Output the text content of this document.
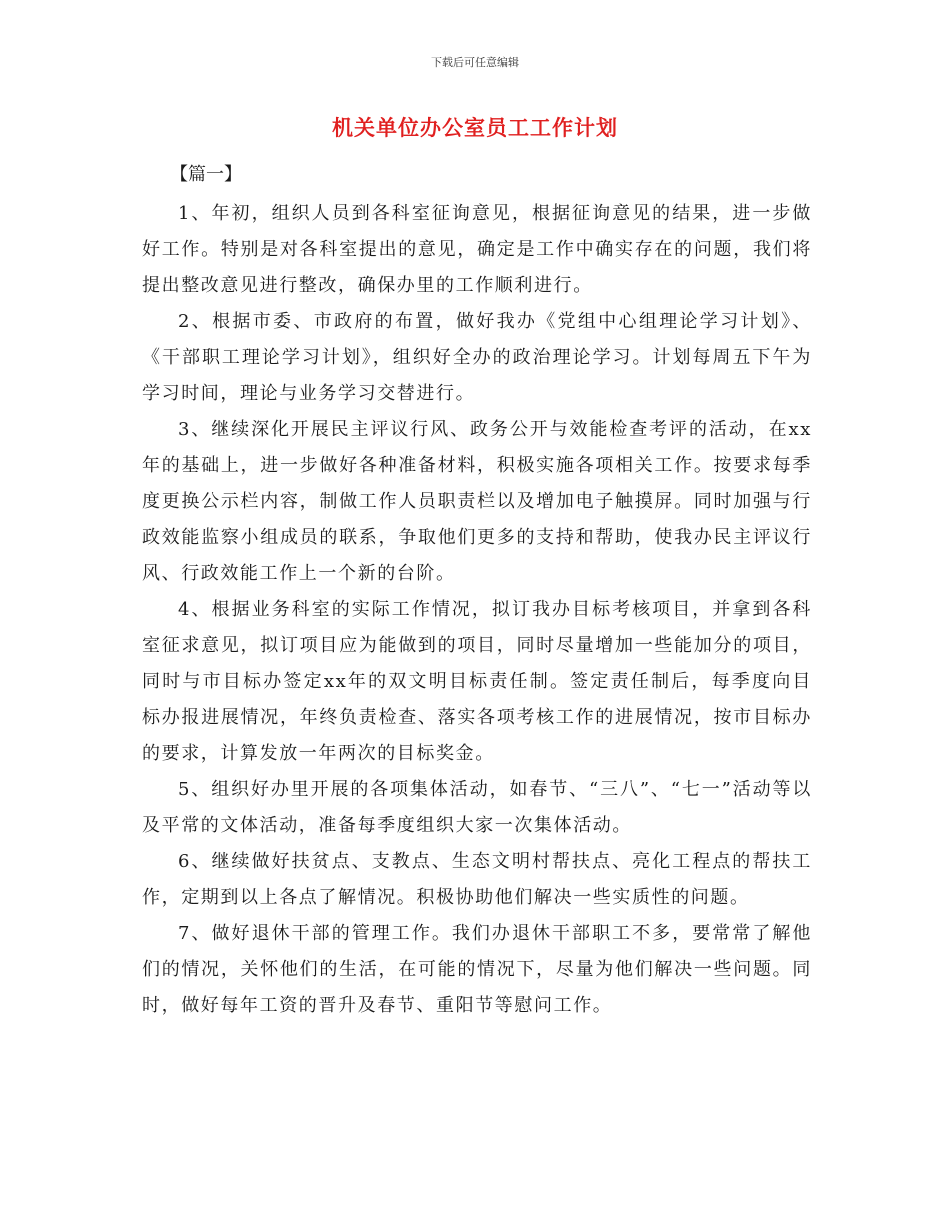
下载后可任意编辑
机关单位办公室员工工作计划
【篇一】

1、年初，组织人员到各科室征询意见，根据征询意见的结果，进一步做好工作。特别是对各科室提出的意见，确定是工作中确实存在的问题，我们将提出整改意见进行整改，确保办里的工作顺利进行。

2、根据市委、市政府的布置，做好我办《党组中心组理论学习计划》、《干部职工理论学习计划》，组织好全办的政治理论学习。计划每周五下午为学习时间，理论与业务学习交替进行。

3、继续深化开展民主评议行风、政务公开与效能检查考评的活动，在xx年的基础上，进一步做好各种准备材料，积极实施各项相关工作。按要求每季度更换公示栏内容，制做工作人员职责栏以及增加电子触摸屏。同时加强与行政效能监察小组成员的联系，争取他们更多的支持和帮助，使我办民主评议行风、行政效能工作上一个新的台阶。

4、根据业务科室的实际工作情况，拟订我办目标考核项目，并拿到各科室征求意见，拟订项目应为能做到的项目，同时尽量增加一些能加分的项目，同时与市目标办签定xx年的双文明目标责任制。签定责任制后，每季度向目标办报进展情况，年终负责检查、落实各项考核工作的进展情况，按市目标办的要求，计算发放一年两次的目标奖金。

5、组织好办里开展的各项集体活动，如春节、“三八”、“七一”活动等以及平常的文体活动，准备每季度组织大家一次集体活动。

6、继续做好扶贫点、支教点、生态文明村帮扶点、亮化工程点的帮扶工作，定期到以上各点了解情况。积极协助他们解决一些实质性的问题。

7、做好退休干部的管理工作。我们办退休干部职工不多，要常常了解他们的情况，关怀他们的生活，在可能的情况下，尽量为他们解决一些问题。同时，做好每年工资的晋升及春节、重阳节等慰问工作。
